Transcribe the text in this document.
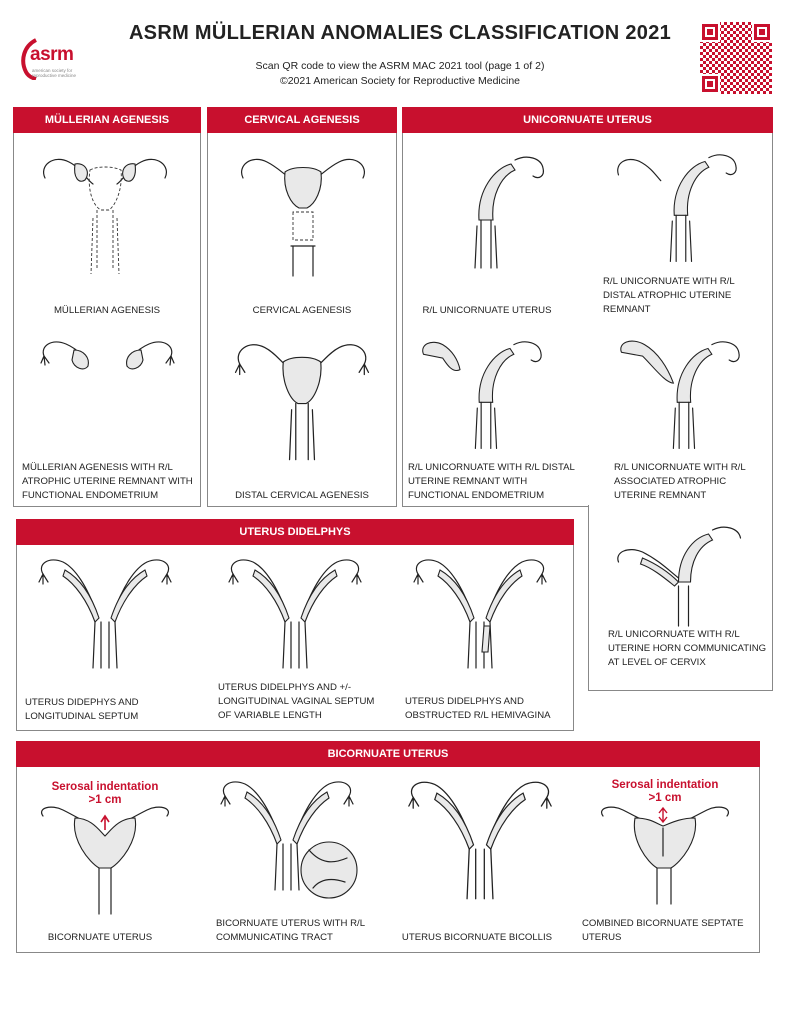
ASRM MÜLLERIAN ANOMALIES CLASSIFICATION 2021
Scan QR code to view the ASRM MAC 2021 tool (page 1 of 2)
©2021 American Society for Reproductive Medicine
asrm
american society for reproductive medicine
MÜLLERIAN AGENESIS
MÜLLERIAN AGENESIS
MÜLLERIAN AGENESIS WITH R/L ATROPHIC UTERINE REMNANT WITH FUNCTIONAL ENDOMETRIUM
CERVICAL AGENESIS
CERVICAL AGENESIS
DISTAL CERVICAL AGENESIS
UNICORNUATE UTERUS
R/L UNICORNUATE UTERUS
R/L UNICORNUATE WITH R/L DISTAL ATROPHIC UTERINE REMNANT
R/L UNICORNUATE WITH R/L DISTAL UTERINE REMNANT WITH FUNCTIONAL ENDOMETRIUM
R/L UNICORNUATE WITH R/L ASSOCIATED ATROPHIC UTERINE REMNANT
R/L UNICORNUATE WITH R/L UTERINE HORN COMMUNICATING AT LEVEL OF CERVIX
UTERUS DIDELPHYS
UTERUS DIDEPHYS AND LONGITUDINAL SEPTUM
UTERUS DIDELPHYS AND +/- LONGITUDINAL VAGINAL SEPTUM OF VARIABLE LENGTH
UTERUS DIDELPHYS AND OBSTRUCTED R/L HEMIVAGINA
BICORNUATE UTERUS
Serosal indentation
>1 cm
BICORNUATE UTERUS
BICORNUATE UTERUS WITH R/L COMMUNICATING TRACT	UTERUS BICORNUATE BICOLLIS
Serosal indentation
>1 cm
COMBINED BICORNUATE SEPTATE UTERUS
